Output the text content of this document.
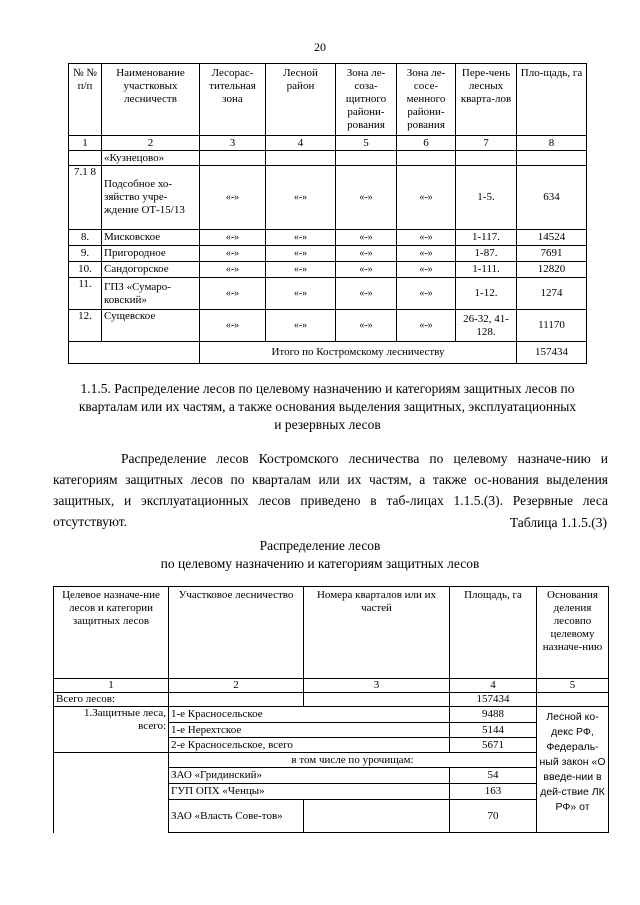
20
№ № п/п	Наименование участковых лесничеств	Лесорас-тительная зона	Лесной район	Зона ле-соза-щитного райони-рования	Зона ле-сосе-менного райони-рования	Пере-чень лесных кварта-лов	Пло-щадь, га
1	2	3	4	5	6	7	8
	«Кузнецово»						
7.1 8	Подсобное хо-зяйство учре-ждение ОТ-15/13	«-»	«-»	«-»	«-»	1-5.	634
8.	Мисковское	«-»	«-»	«-»	«-»	1-117.	14524
9.	Пригородное	«-»	«-»	«-»	«-»	1-87.	7691
10.	Сандогорское	«-»	«-»	«-»	«-»	1-111.	12820
11.	ГПЗ «Сумаро-ковский»	«-»	«-»	«-»	«-»	1-12.	1274
12.	Сущевское	«-»	«-»	«-»	«-»	26-32, 41-128.	11170
		Итого по Костромскому лесничеству					157434
1.1.5. Распределение лесов по целевому назначению и категориям защитных лесов по кварталам или их частям, а также основания выделения защитных, эксплуатационных и резервных лесов
Распределение лесов Костромского лесничества по целевому назначе-нию и категориям защитных лесов по кварталам или их частям, а также ос-нования выделения защитных, и эксплуатационных лесов приведено в таб-лицах 1.1.5.(3). Резервные леса отсутствуют.	Таблица 1.1.5.(3)
Распределение лесов
по целевому назначению и категориям защитных лесов
Целевое назначе-ние лесов и категории защитных лесов	Участковое лесничество	Номера кварталов или их частей	Площадь, га	Основания деления лесовпо целевому назначе-нию
1	2	3	4	5
Всего лесов:			157434	
1.Защитные леса, всего:	1-е Красносельское		9488	Лесной ко-декс РФ, Федераль-ный закон «О введе-нии в дей-ствие ЛК РФ» от
	1-е Нерехтское		5144	
	2-е Красносельское, всего		5671	
	в том числе по урочищам:			
	ЗАО «Гридинский»		54	
	ГУП ОПХ «Ченцы»		163	
	ЗАО «Власть Сове-тов»		70	
